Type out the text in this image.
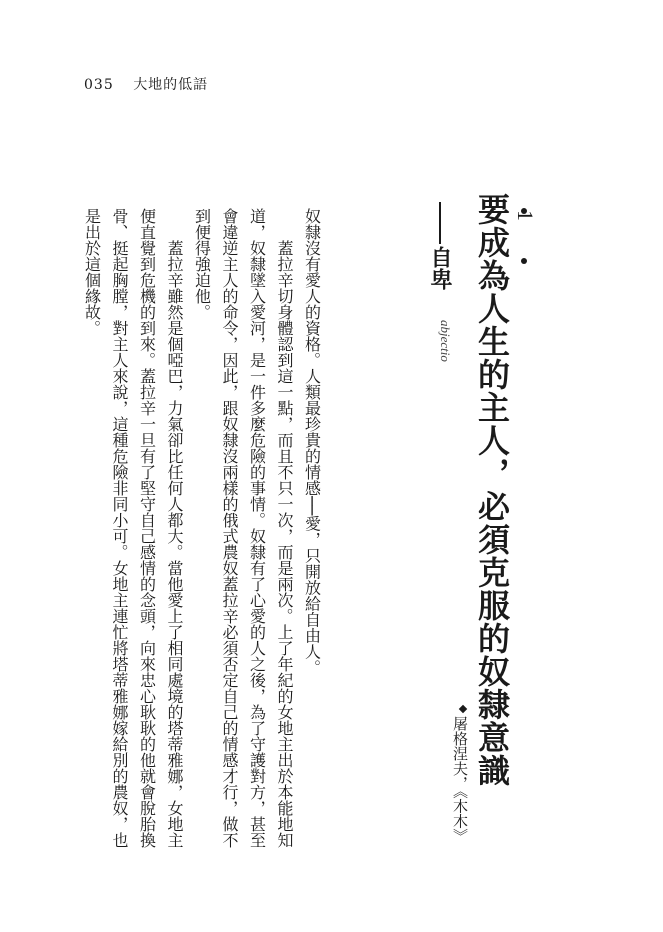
035 大地的低語
1
要成為人生的主人，必須克服的奴隸意識
自卑
abjectio
屠格涅夫，《木木》

奴隸沒有愛人的資格。人類最珍貴的情感──愛，只開放給自由人。

蓋拉辛切身體認到這一點，而且不只一次，而是兩次。上了年紀的女地主出於本能地知道，奴隸墜入愛河，是一件多麼危險的事情。奴隸有了心愛的人之後，為了守護對方，甚至會違逆主人的命令，因此，跟奴隸沒兩樣的俄式農奴蓋拉辛必須否定自己的情感才行，做不到便得強迫他。

蓋拉辛雖然是個啞巴，力氣卻比任何人都大。當他愛上了相同處境的塔蒂雅娜，女地主便直覺到危機的到來。蓋拉辛一旦有了堅守自己感情的念頭，向來忠心耿耿的他就會脫胎換骨、挺起胸膛，對主人來說，這種危險非同小可。女地主連忙將塔蒂雅娜嫁給別的農奴，也是出於這個緣故。
